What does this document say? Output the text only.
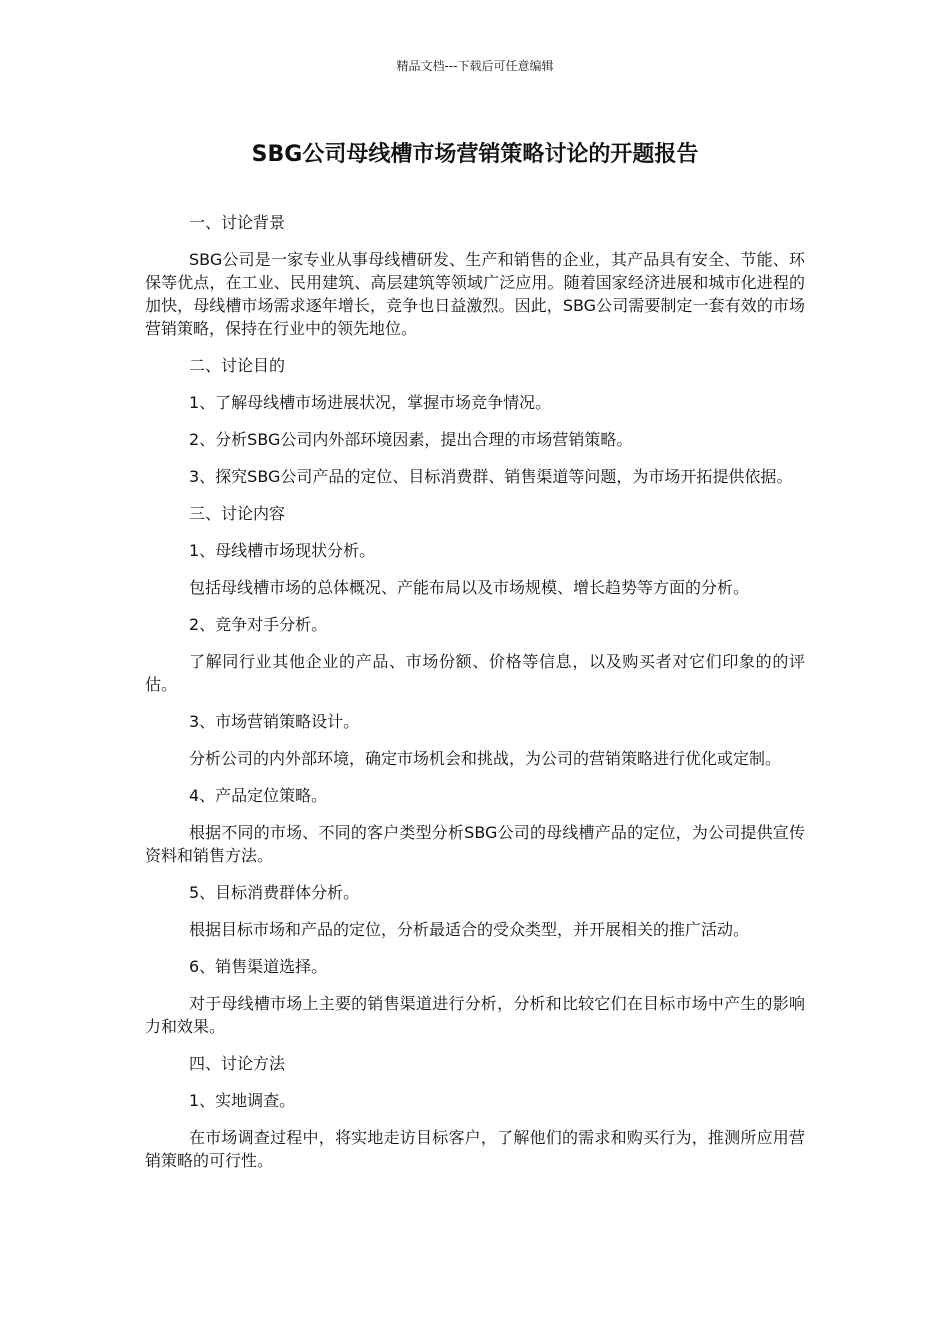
精品文档---下载后可任意编辑
SBG公司母线槽市场营销策略讨论的开题报告

一、讨论背景

SBG公司是一家专业从事母线槽研发、生产和销售的企业，其产品具有安全、节能、环保等优点，在工业、民用建筑、高层建筑等领域广泛应用。随着国家经济进展和城市化进程的加快，母线槽市场需求逐年增长，竞争也日益激烈。因此，SBG公司需要制定一套有效的市场营销策略，保持在行业中的领先地位。

二、讨论目的

1、了解母线槽市场进展状况，掌握市场竞争情况。

2、分析SBG公司内外部环境因素，提出合理的市场营销策略。

3、探究SBG公司产品的定位、目标消费群、销售渠道等问题，为市场开拓提供依据。

三、讨论内容

1、母线槽市场现状分析。

包括母线槽市场的总体概况、产能布局以及市场规模、增长趋势等方面的分析。

2、竞争对手分析。

了解同行业其他企业的产品、市场份额、价格等信息，以及购买者对它们印象的的评估。

3、市场营销策略设计。

分析公司的内外部环境，确定市场机会和挑战，为公司的营销策略进行优化或定制。

4、产品定位策略。

根据不同的市场、不同的客户类型分析SBG公司的母线槽产品的定位，为公司提供宣传资料和销售方法。

5、目标消费群体分析。

根据目标市场和产品的定位，分析最适合的受众类型，并开展相关的推广活动。

6、销售渠道选择。

对于母线槽市场上主要的销售渠道进行分析，分析和比较它们在目标市场中产生的影响力和效果。

四、讨论方法

1、实地调查。

在市场调查过程中，将实地走访目标客户，了解他们的需求和购买行为，推测所应用营销策略的可行性。
